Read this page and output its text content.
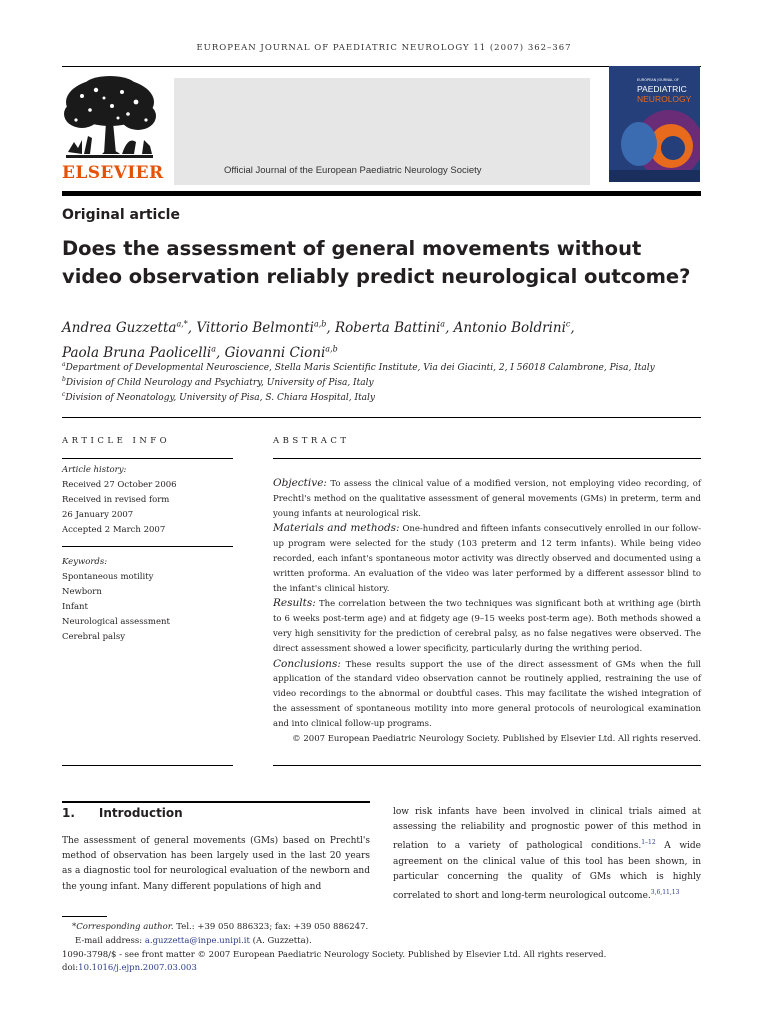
EUROPEAN JOURNAL OF PAEDIATRIC NEUROLOGY 11 (2007) 362–367
ELSEVIER	Official Journal of the European Paediatric Neurology Society
EUROPEAN JOURNAL OF
PAEDIATRIC
NEUROLOGY
Original article
Does the assessment of general movements without video observation reliably predict neurological outcome?
Andrea Guzzetta$^{a,*}$, Vittorio Belmonti$^{a,b}$, Roberta Battini$^a$, Antonio Boldrini$^c$,
Paola Bruna Paolicelli$^a$, Giovanni Cioni$^{a,b}$
$^a$Department of Developmental Neuroscience, Stella Maris Scientific Institute, Via dei Giacinti, 2, I 56018 Calambrone, Pisa, Italy
$^b$Division of Child Neurology and Psychiatry, University of Pisa, Italy
$^c$Division of Neonatology, University of Pisa, S. Chiara Hospital, Italy
ARTICLE INFO
Article history:
Received 27 October 2006
Received in revised form
26 January 2007
Accepted 2 March 2007
Keywords:
Spontaneous motility
Newborn
Infant
Neurological assessment
Cerebral palsy
ABSTRACT
Objective: To assess the clinical value of a modified version, not employing video recording, of Prechtl's method on the qualitative assessment of general movements (GMs) in preterm, term and young infants at neurological risk.
Materials and methods: One-hundred and fifteen infants consecutively enrolled in our follow-up program were selected for the study (103 preterm and 12 term infants). While being video recorded, each infant's spontaneous motor activity was directly observed and documented using a written proforma. An evaluation of the video was later performed by a different assessor blind to the infant's clinical history.
Results: The correlation between the two techniques was significant both at writhing age (birth to 6 weeks post-term age) and at fidgety age (9–15 weeks post-term age). Both methods showed a very high sensitivity for the prediction of cerebral palsy, as no false negatives were observed. The direct assessment showed a lower specificity, particularly during the writhing period.
Conclusions: These results support the use of the direct assessment of GMs when the full application of the standard video observation cannot be routinely applied, restraining the use of video recordings to the abnormal or doubtful cases. This may facilitate the wished integration of the assessment of spontaneous motility into more general protocols of neurological examination and into clinical follow-up programs.

© 2007 European Paediatric Neurology Society. Published by Elsevier Ltd. All rights reserved.
1. Introduction
The assessment of general movements (GMs) based on Prechtl's method of observation has been largely used in the last 20 years as a diagnostic tool for neurological evaluation of the newborn and the young infant. Many different populations of high and
low risk infants have been involved in clinical trials aimed at assessing the reliability and prognostic power of this method in relation to a variety of pathological conditions.$^{1-12}$ A wide agreement on the clinical value of this tool has been shown, in particular concerning the quality of GMs which is highly correlated to short and long-term neurological outcome.$^{3,6,11,13}$
*Corresponding author. Tel.: +39 050 886323; fax: +39 050 886247.
E-mail address: a.guzzetta@inpe.unipi.it (A. Guzzetta).
1090-3798/$ - see front matter © 2007 European Paediatric Neurology Society. Published by Elsevier Ltd. All rights reserved.
doi:10.1016/j.ejpn.2007.03.003
